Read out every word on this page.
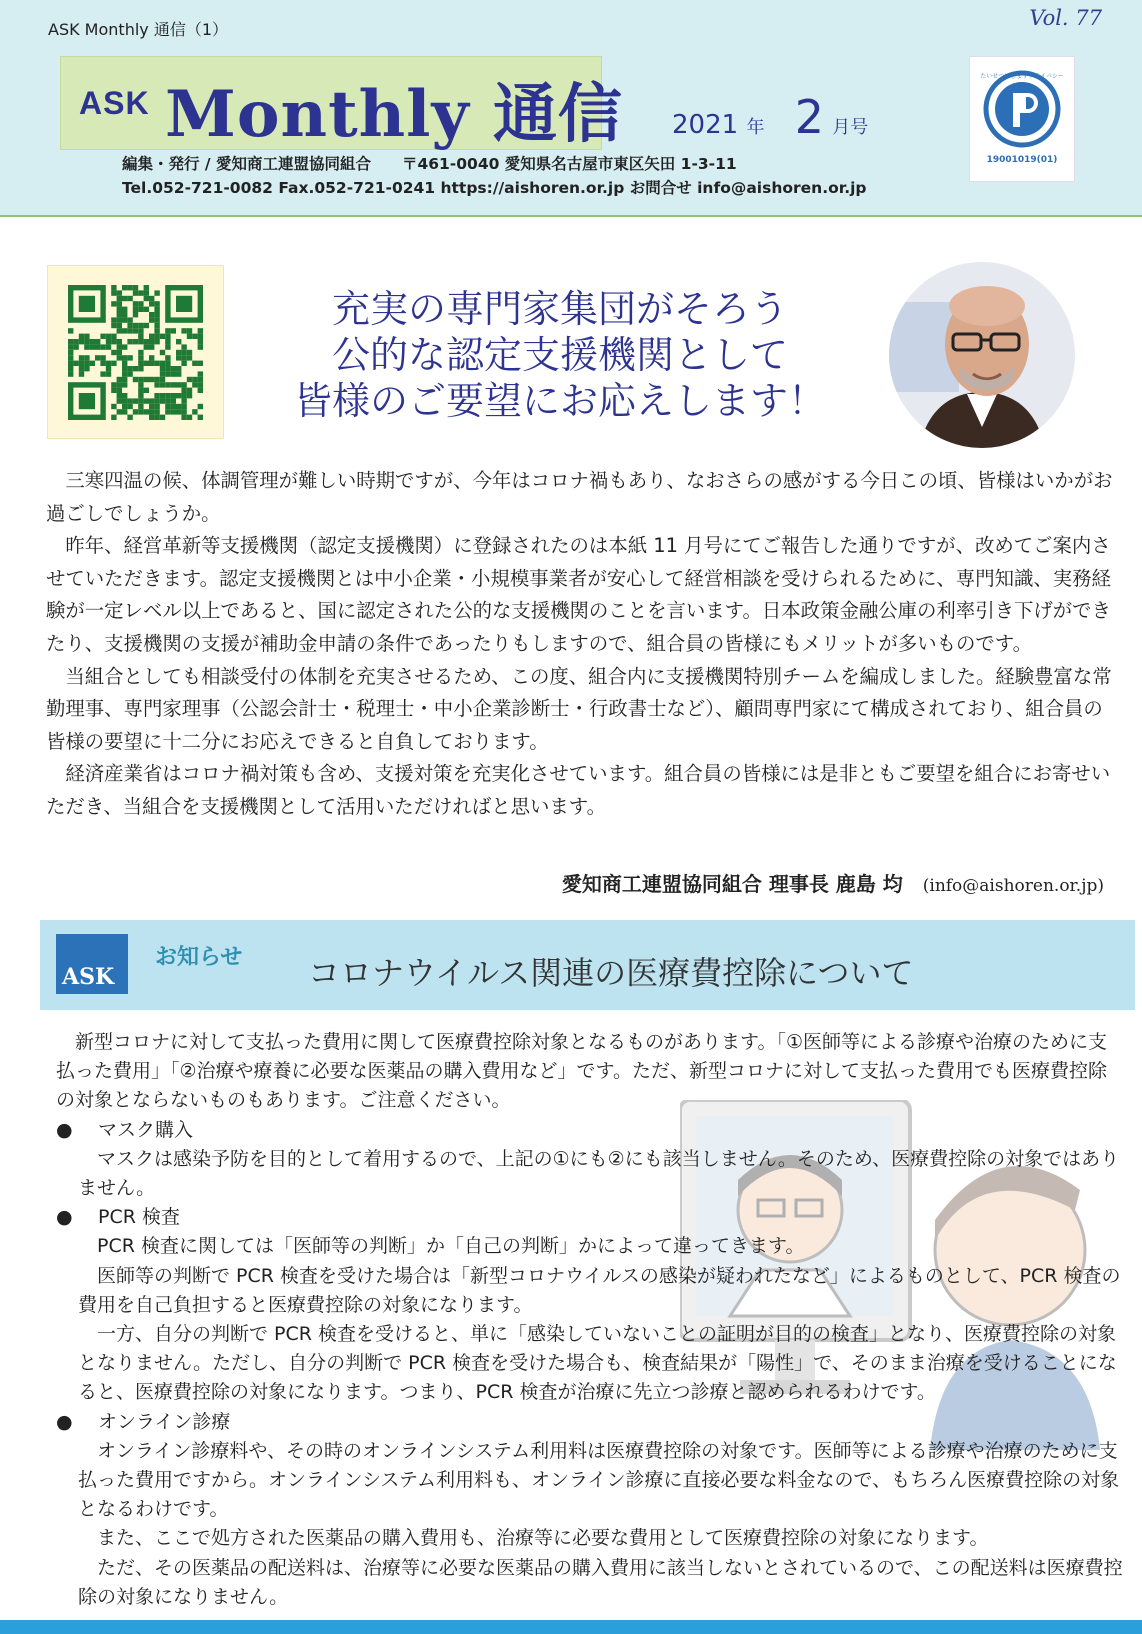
ASK Monthly 通信（1）	Vol. 77
ASK Monthly 通信 2021 年 2 月号
たいせつにしますプライバシー
19001019(01)
編集・発行 / 愛知商工連盟協同組合　　〒461-0040 愛知県名古屋市東区矢田 1-3-11
Tel.052-721-0082 Fax.052-721-0241 https://aishoren.or.jp お問合せ info@aishoren.or.jp
充実の専門家集団がそろう
公的な認定支援機関として
皆様のご要望にお応えします！

三寒四温の候、体調管理が難しい時期ですが、今年はコロナ禍もあり、なおさらの感がする今日この頃、皆様はいかがお過ごしでしょうか。

昨年、経営革新等支援機関（認定支援機関）に登録されたのは本紙 11 月号にてご報告した通りですが、改めてご案内させていただきます。認定支援機関とは中小企業・小規模事業者が安心して経営相談を受けられるために、専門知識、実務経験が一定レベル以上であると、国に認定された公的な支援機関のことを言います。日本政策金融公庫の利率引き下げができたり、支援機関の支援が補助金申請の条件であったりもしますので、組合員の皆様にもメリットが多いものです。

当組合としても相談受付の体制を充実させるため、この度、組合内に支援機関特別チームを編成しました。経験豊富な常勤理事、専門家理事（公認会計士・税理士・中小企業診断士・行政書士など）、顧問専門家にて構成されており、組合員の皆様の要望に十二分にお応えできると自負しております。

経済産業省はコロナ禍対策も含め、支援対策を充実化させています。組合員の皆様には是非ともご要望を組合にお寄せいただき、当組合を支援機関として活用いただければと思います。

愛知商工連盟協同組合 理事長 鹿島 均 (info@aishoren.or.jp)
ASK
お知らせ コロナウイルス関連の医療費控除について

新型コロナに対して支払った費用に関して医療費控除対象となるものがあります。「①医師等による診療や治療のために支払った費用」「②治療や療養に必要な医薬品の購入費用など」です。ただ、新型コロナに対して支払った費用でも医療費控除の対象とならないものもあります。ご注意ください。

●	マスク購入

マスクは感染予防を目的として着用するので、上記の①にも②にも該当しません。そのため、医療費控除の対象ではありません。

●	PCR 検査

PCR 検査に関しては「医師等の判断」か「自己の判断」かによって違ってきます。

医師等の判断で PCR 検査を受けた場合は「新型コロナウイルスの感染が疑われたなど」によるものとして、PCR 検査の費用を自己負担すると医療費控除の対象になります。

一方、自分の判断で PCR 検査を受けると、単に「感染していないことの証明が目的の検査」となり、医療費控除の対象となりません。ただし、自分の判断で PCR 検査を受けた場合も、検査結果が「陽性」で、そのまま治療を受けることになると、医療費控除の対象になります。つまり、PCR 検査が治療に先立つ診療と認められるわけです。

●	オンライン診療

オンライン診療料や、その時のオンラインシステム利用料は医療費控除の対象です。医師等による診療や治療のために支払った費用ですから。オンラインシステム利用料も、オンライン診療に直接必要な料金なので、もちろん医療費控除の対象となるわけです。

また、ここで処方された医薬品の購入費用も、治療等に必要な費用として医療費控除の対象になります。

ただ、その医薬品の配送料は、治療等に必要な医薬品の購入費用に該当しないとされているので、この配送料は医療費控除の対象になりません。
